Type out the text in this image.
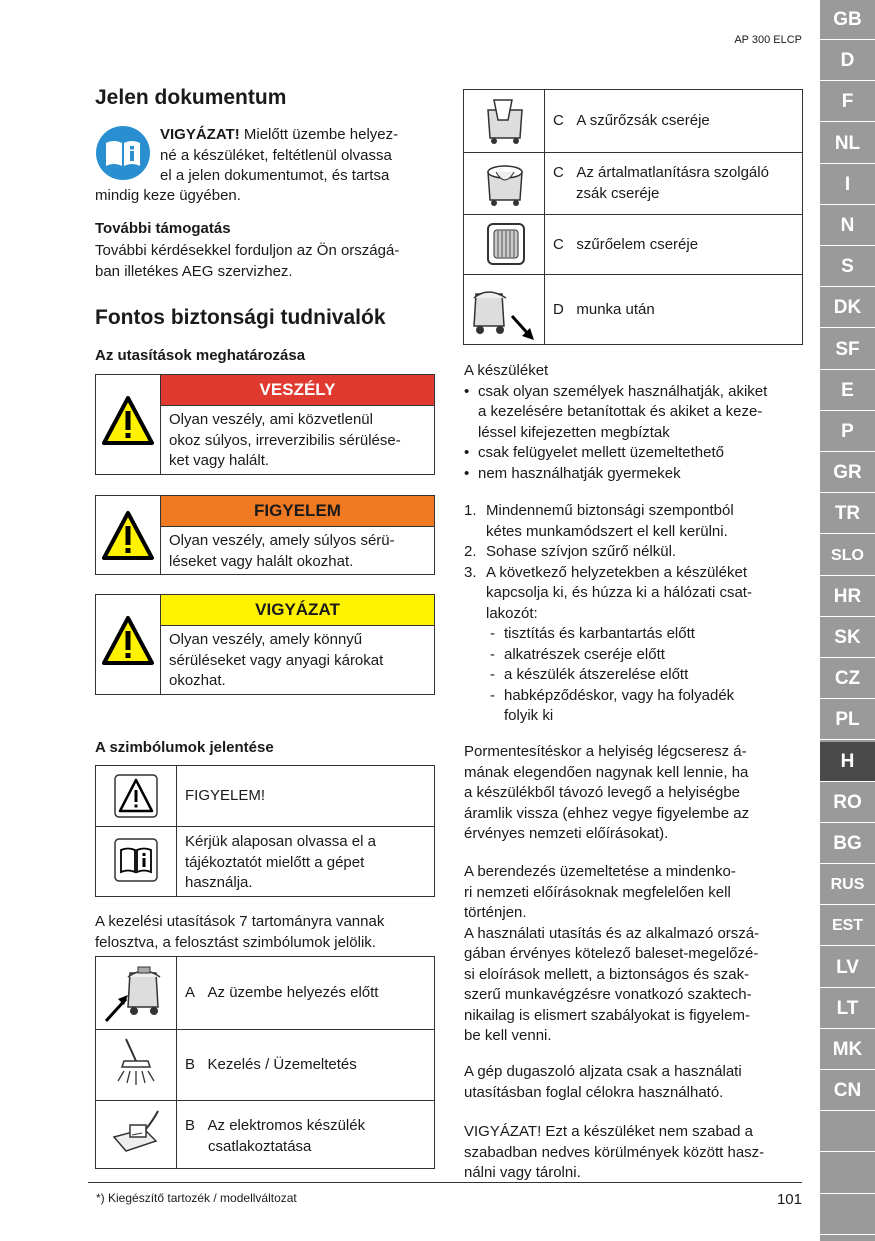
AP 300 ELCP
GB
D
F
NL
I
N
S
DK
SF
E
P
GR
TR
SLO
HR
SK
CZ
PL
H
RO
BG
RUS
EST
LV
LT
MK
CN
Jelen dokumentum
VIGYÁZAT! Mielőtt üzembe helyez-
né a készüléket, feltétlenül olvassa
el a jelen dokumentumot, és tartsa
mindig keze ügyében.
További támogatás
További kérdésekkel forduljon az Ön országá-
ban illetékes AEG szervizhez.
Fontos biztonsági tudnivalók
Az utasítások meghatározása
VESZÉLY
Olyan veszély, ami közvetlenül
okoz súlyos, irreverzibilis sérülése-
ket vagy halált.
FIGYELEM
Olyan veszély, amely súlyos sérü-
léseket vagy halált okozhat.
VIGYÁZAT
Olyan veszély, amely könnyű
sérüléseket vagy anyagi károkat
okozhat.
A szimbólumok jelentése
FIGYELEM!
Kérjük alaposan olvassa el a
tájékoztatót mielőtt a gépet
használja.
A kezelési utasítások 7 tartományra vannak
felosztva, a felosztást szimbólumok jelölik.
A Az üzembe helyezés előtt
B Kezelés / Üzemeltetés
B Az elektromos készülék
csatlakoztatása
C A szűrőzsák cseréje
C Az ártalmatlanításra szolgáló
zsák cseréje
C szűrőelem cseréje
D munka után
A készüléket
• csak olyan személyek használhatják, akiket
a kezelésére betanítottak és akiket a keze-
léssel kifejezetten megbíztak
• csak felügyelet mellett üzemeltethető
• nem használhatják gyermekek
1. Mindennemű biztonsági szempontból
kétes munkamódszert el kell kerülni.
2. Sohase szívjon szűrő nélkül.
3. A következő helyzetekben a készüléket
kapcsolja ki, és húzza ki a hálózati csat-
lakozót:
- tisztítás és karbantartás előtt
- alkatrészek cseréje előtt
- a készülék átszerelése előtt
- habképződéskor, vagy ha folyadék
folyik ki
Pormentesítéskor a helyiség légcseresz á-
mának elegendően nagynak kell lennie, ha
a készülékből távozó levegő a helyiségbe
áramlik vissza (ehhez vegye figyelembe az
érvényes nemzeti előírásokat).
A berendezés üzemeltetése a mindenko-
ri nemzeti előírásoknak megfelelően kell
történjen.
A használati utasítás és az alkalmazó orszá-
gában érvényes kötelező baleset-megelőzé-
si eloírások mellett, a biztonságos és szak-
szerű munkavégzésre vonatkozó szaktech-
nikailag is elismert szabályokat is figyelem-
be kell venni.
A gép dugaszoló aljzata csak a használati
utasításban foglal célokra használható.
VIGYÁZAT! Ezt a készüléket nem szabad a
szabadban nedves körülmények között hasz-
nálni vagy tárolni.
*) Kiegészítő tartozék / modellváltozat	101
